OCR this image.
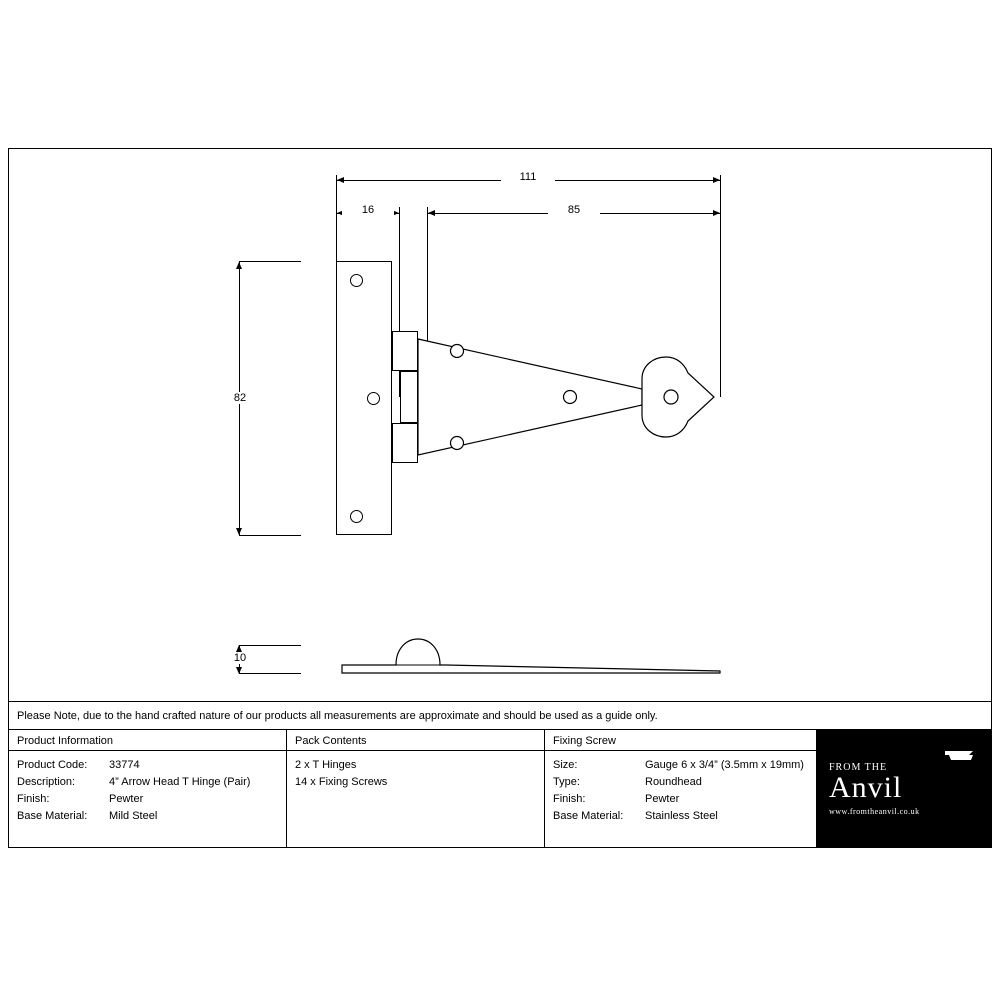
111
16	85
82
10
Please Note, due to the hand crafted nature of our products all measurements are approximate and should be used as a guide only.
Product Information
Product Code:	33774
Description:	4” Arrow Head T Hinge (Pair)
Finish:	Pewter
Base Material:	Mild Steel
Pack Contents
2 x T Hinges
14 x Fixing Screws
Fixing Screw
Size:	Gauge 6 x 3/4” (3.5mm x 19mm)
Type:	Roundhead
Finish:	Pewter
Base Material:	Stainless Steel
FROM THE
Anvil
www.fromtheanvil.co.uk
